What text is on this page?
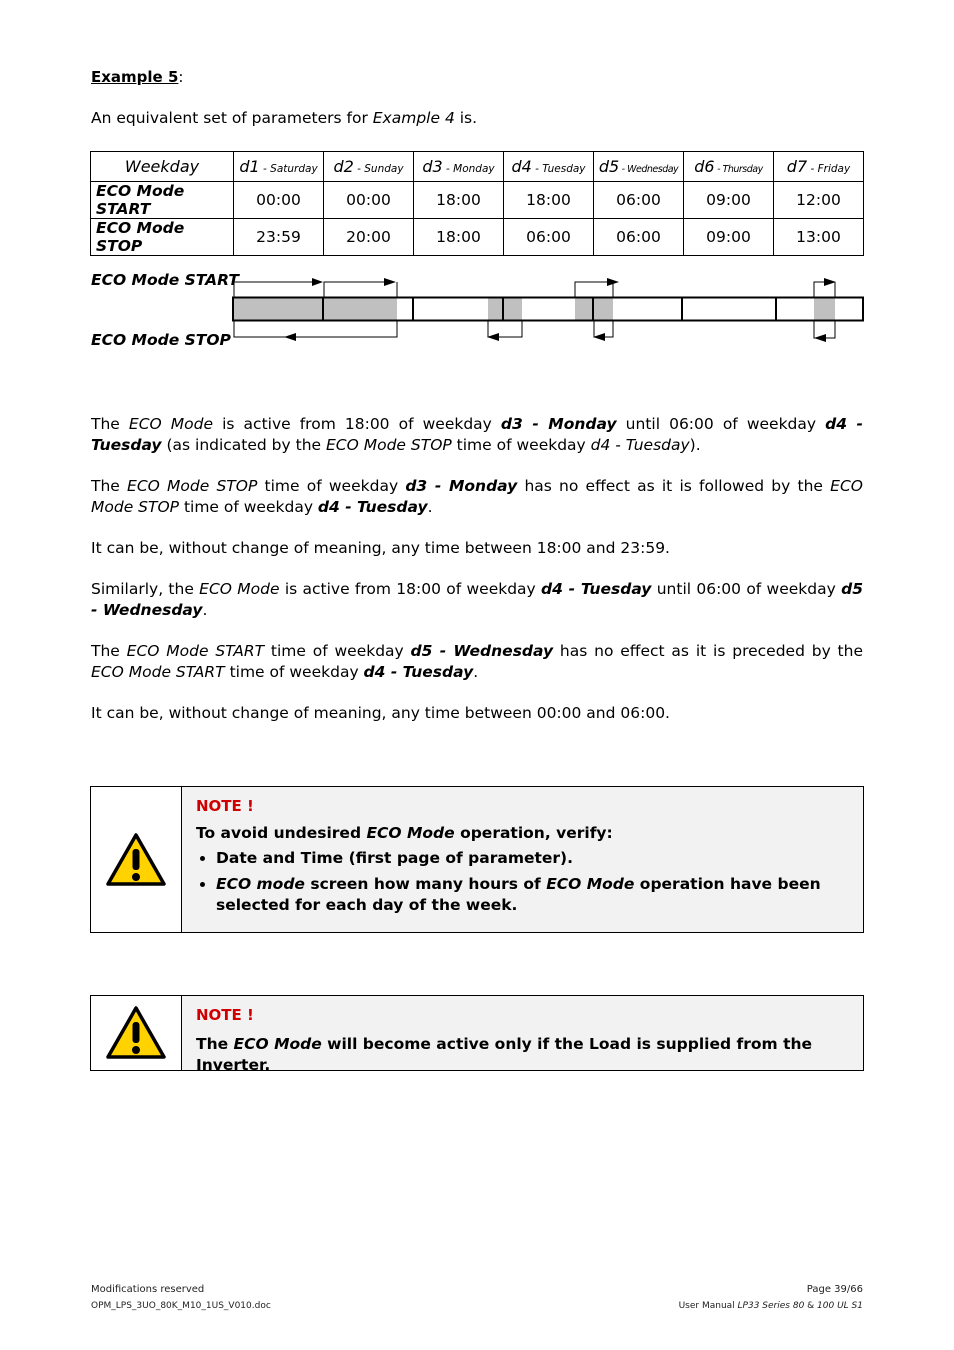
Example 5:
An equivalent set of parameters for Example 4 is.
Weekday	d1 - Saturday	d2 - Sunday	d3 - Monday	d4 - Tuesday	d5 - Wednesday	d6 - Thursday	d7 - Friday
ECO Mode START	00:00	00:00	18:00	18:00	06:00	09:00	12:00
ECO Mode STOP	23:59	20:00	18:00	06:00	06:00	09:00	13:00
ECO Mode START
ECO Mode STOP
The ECO Mode is active from 18:00 of weekday d3 - Monday until 06:00 of weekday d4 - Tuesday (as indicated by the ECO Mode STOP time of weekday d4 - Tuesday).
The ECO Mode STOP time of weekday d3 - Monday has no effect as it is followed by the ECO Mode STOP time of weekday d4 - Tuesday.
It can be, without change of meaning, any time between 18:00 and 23:59.
Similarly, the ECO Mode is active from 18:00 of weekday d4 - Tuesday until 06:00 of weekday d5 - Wednesday.
The ECO Mode START time of weekday d5 - Wednesday has no effect as it is preceded by the ECO Mode START time of weekday d4 - Tuesday.
It can be, without change of meaning, any time between 00:00 and 06:00.
NOTE !
To avoid undesired ECO Mode operation, verify:
• Date and Time (first page of parameter).
• ECO mode screen how many hours of ECO Mode operation have been selected for each day of the week.
NOTE !
The ECO Mode will become active only if the Load is supplied from the Inverter.
Modifications reserved
OPM_LPS_3UO_80K_M10_1US_V010.doc
Page 39/66
User Manual LP33 Series 80 & 100 UL S1
